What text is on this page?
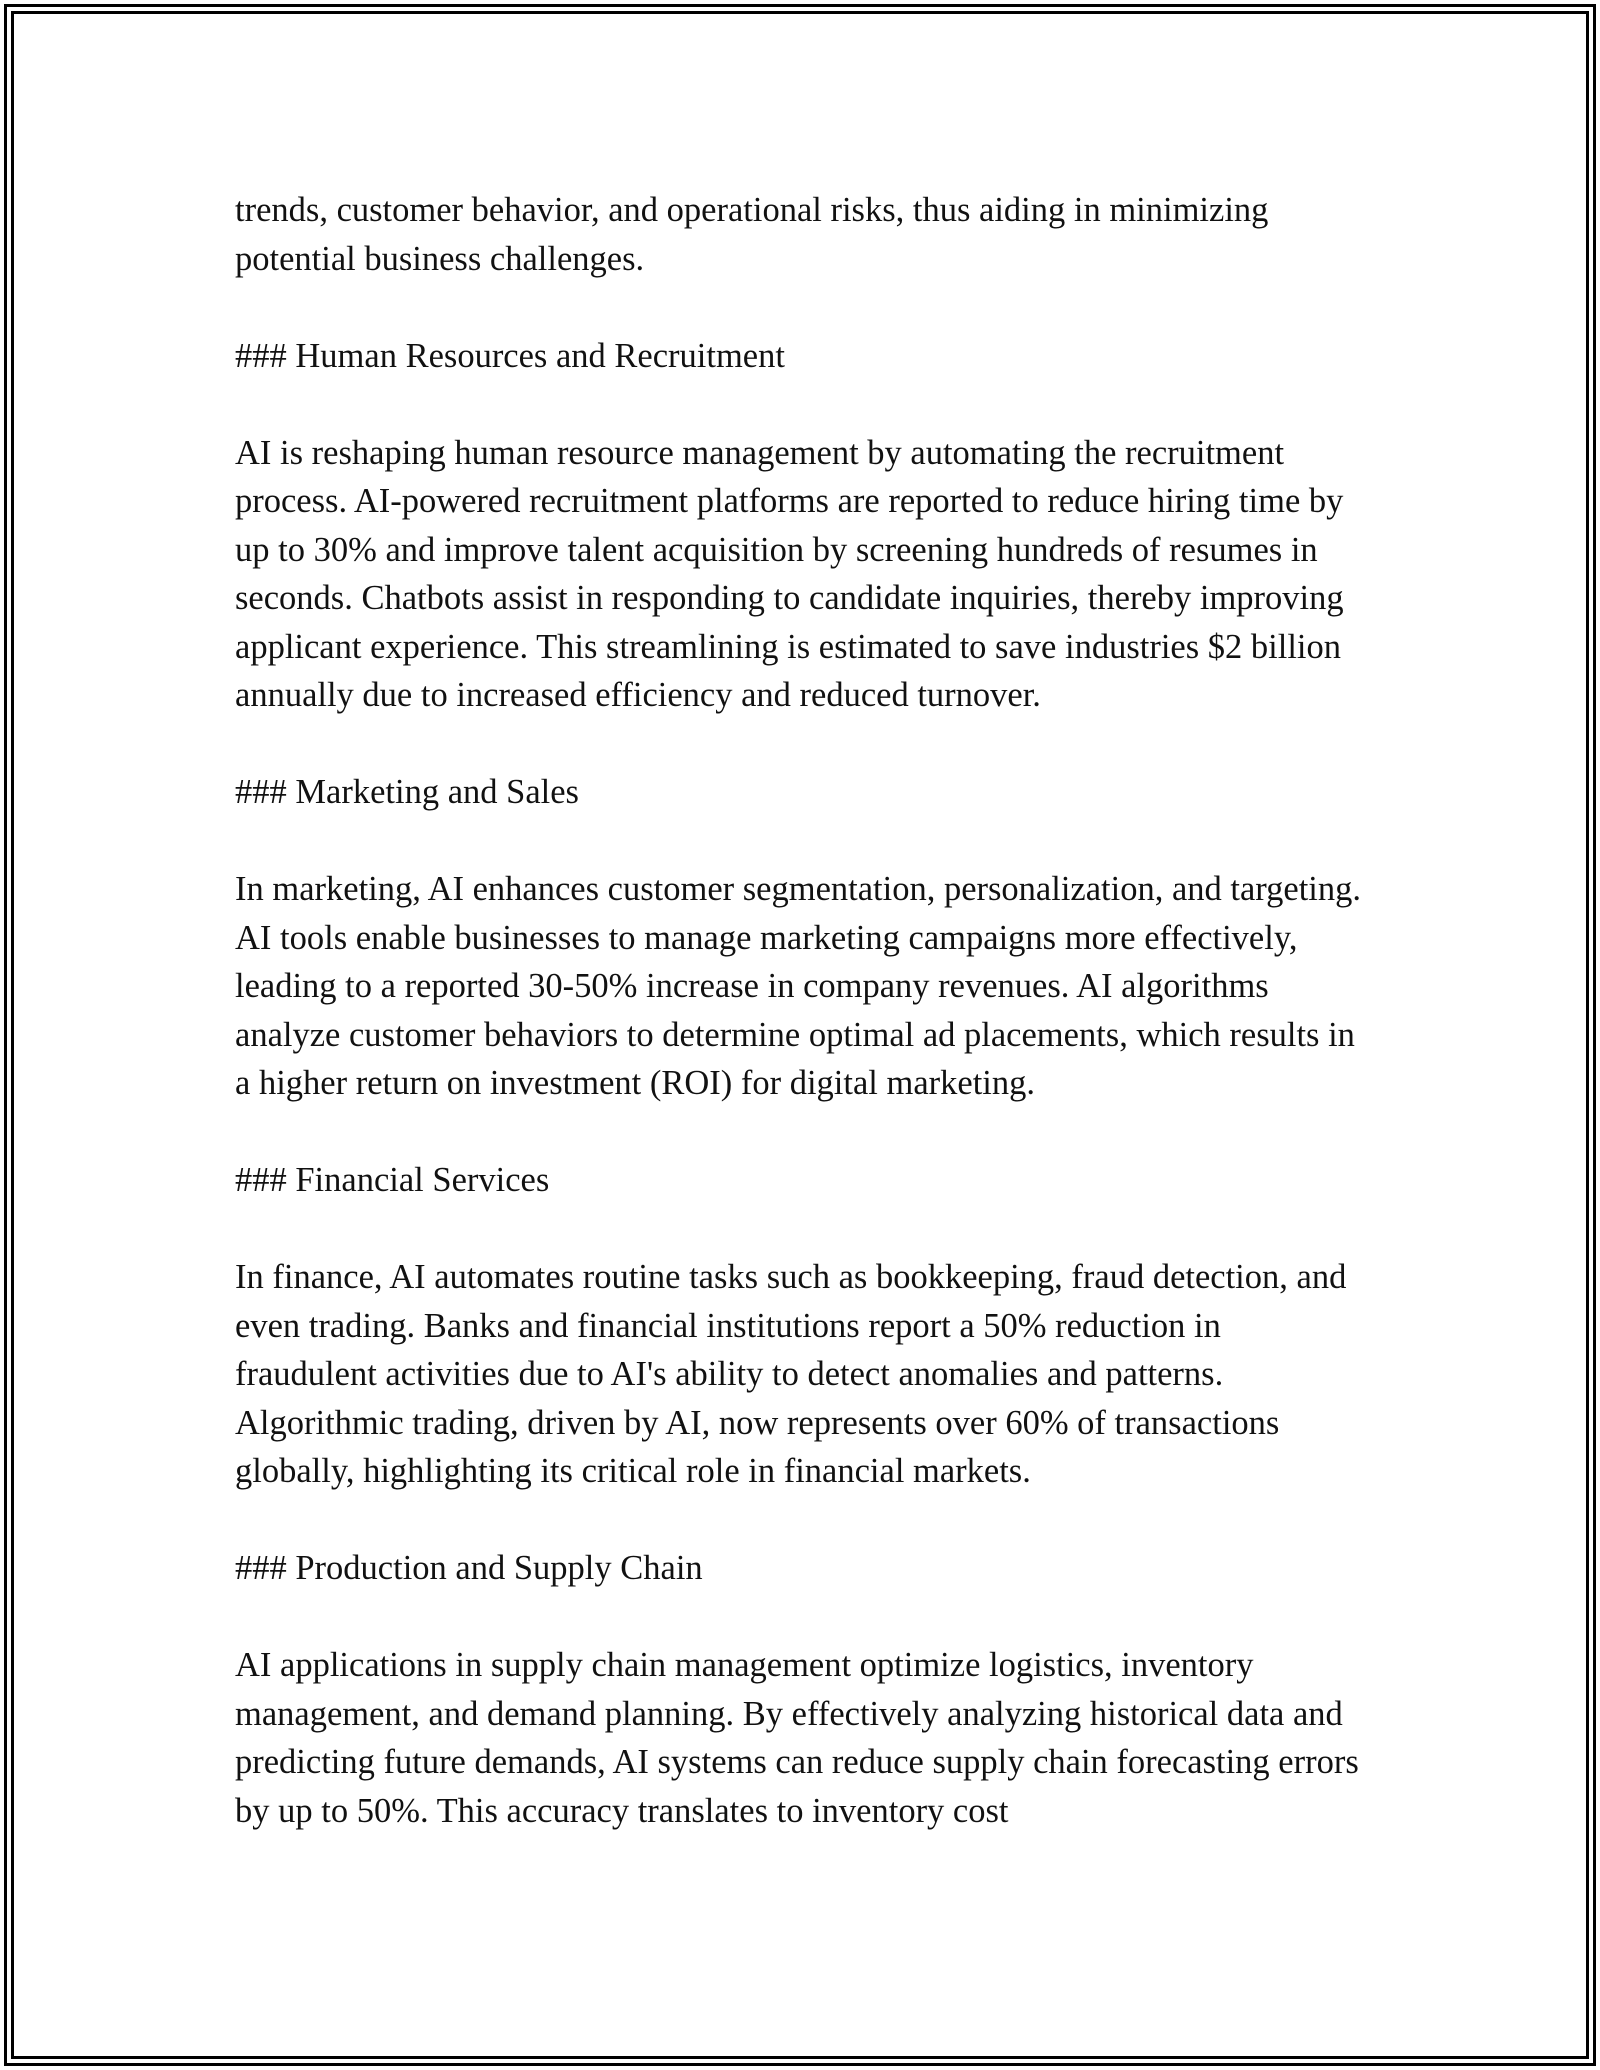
trends, customer behavior, and operational risks, thus aiding in minimizing potential business challenges.

### Human Resources and Recruitment

AI is reshaping human resource management by automating the recruitment process. AI-powered recruitment platforms are reported to reduce hiring time by up to 30% and improve talent acquisition by screening hundreds of resumes in seconds. Chatbots assist in responding to candidate inquiries, thereby improving applicant experience. This streamlining is estimated to save industries $2 billion annually due to increased efficiency and reduced turnover.

### Marketing and Sales

In marketing, AI enhances customer segmentation, personalization, and targeting. AI tools enable businesses to manage marketing campaigns more effectively, leading to a reported 30-50% increase in company revenues. AI algorithms analyze customer behaviors to determine optimal ad placements, which results in a higher return on investment (ROI) for digital marketing.

### Financial Services

In finance, AI automates routine tasks such as bookkeeping, fraud detection, and even trading. Banks and financial institutions report a 50% reduction in fraudulent activities due to AI's ability to detect anomalies and patterns. Algorithmic trading, driven by AI, now represents over 60% of transactions globally, highlighting its critical role in financial markets.

### Production and Supply Chain

AI applications in supply chain management optimize logistics, inventory management, and demand planning. By effectively analyzing historical data and predicting future demands, AI systems can reduce supply chain forecasting errors by up to 50%. This accuracy translates to inventory cost
